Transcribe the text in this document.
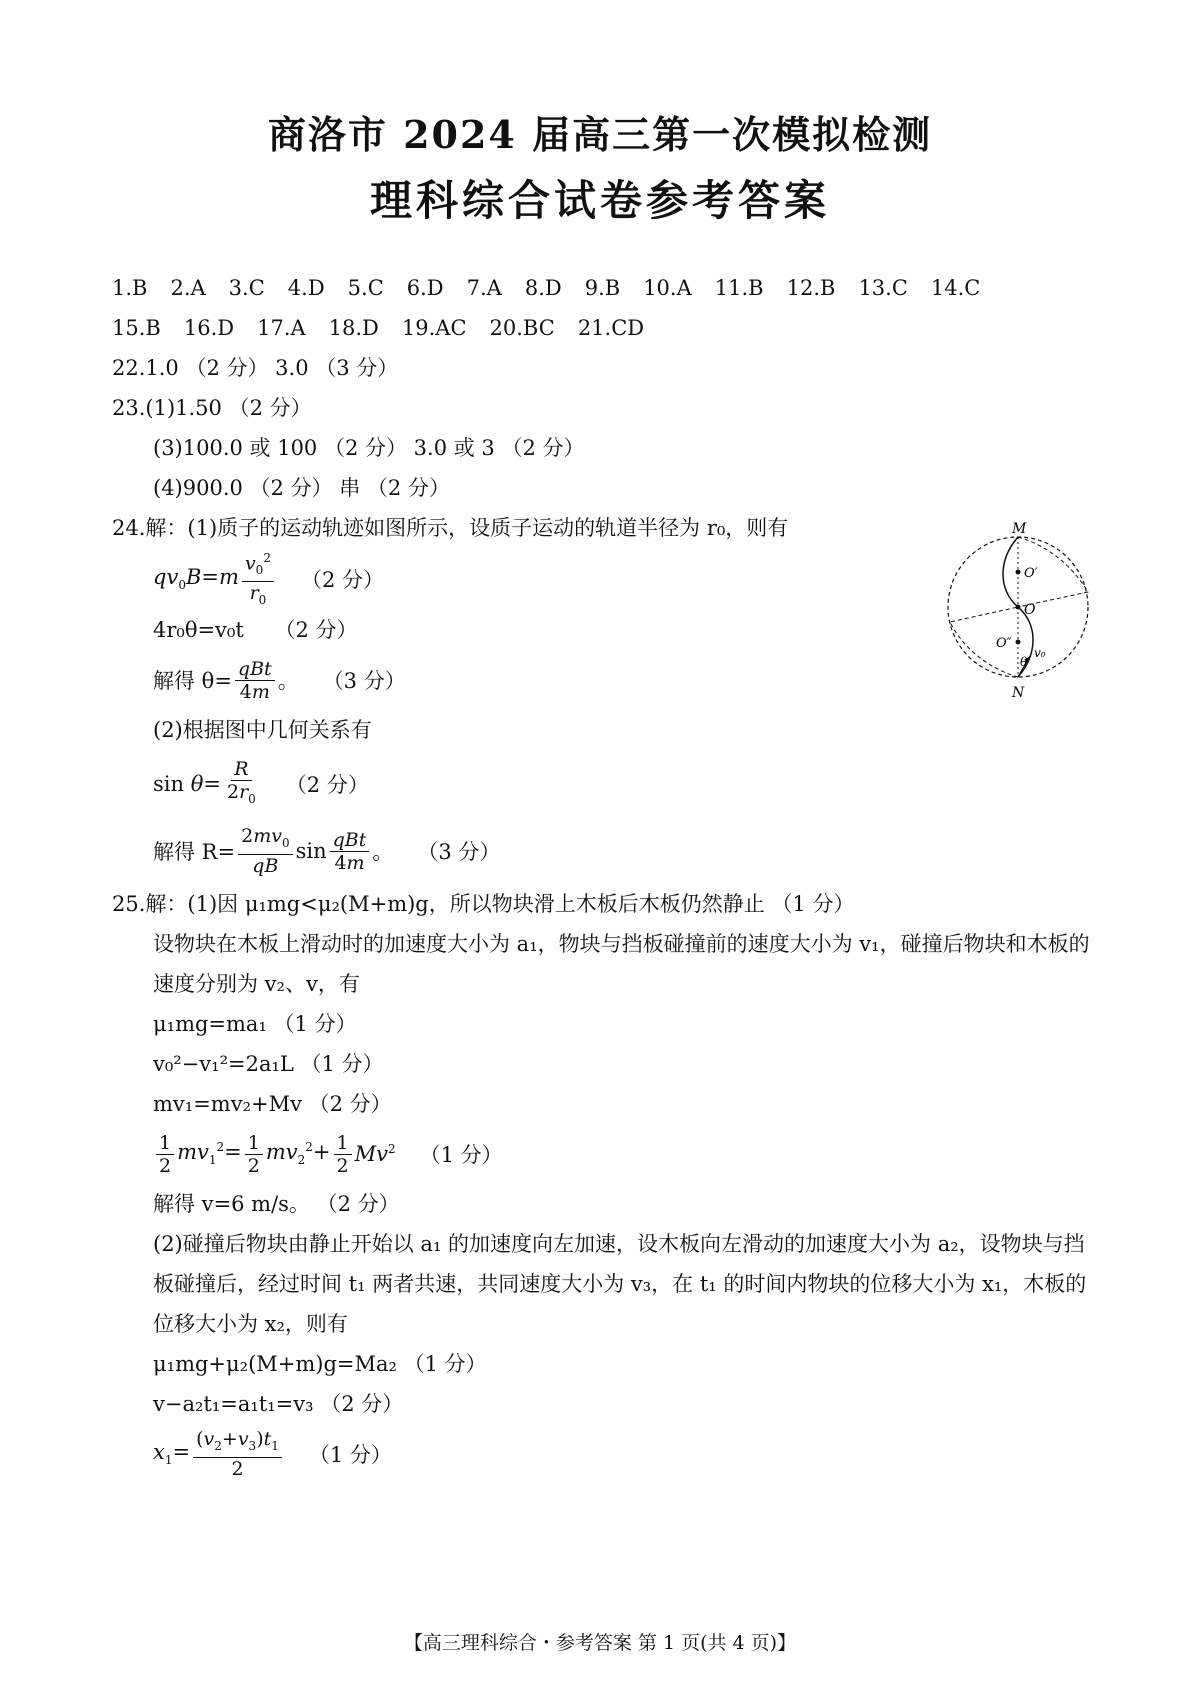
商洛市 2024 届高三第一次模拟检测
理科综合试卷参考答案
1.B 2.A 3.C 4.D 5.C 6.D 7.A 8.D 9.B 10.A 11.B 12.B 13.C 14.C
15.B 16.D 17.A 18.D 19.AC 20.BC 21.CD
22.1.0 （2 分） 3.0 （3 分）
23.(1)1.50 （2 分）
(3)100.0 或 100 （2 分） 3.0 或 3 （2 分）
(4)900.0 （2 分） 串 （2 分）
24.解：(1)质子的运动轨迹如图所示，设质子运动的轨道半径为 r₀，则有
$qv_0B=m \frac{v_0^2}{r_0} (2$ 分）
4r₀θ=v₀t （2 分）
解得 $\theta= \frac{\text{qBt}}{4m}$ 。 （3 分）
(2)根据图中几何关系有
$\sin \theta= \frac{R}{2r_0} (2$ 分）
解得 $R= \frac{2mv_0}{qB}$ $\sin \frac{\text{qBt}}{4m}$ 。 （3 分）
25.解：(1)因 μ₁mg<μ₂(M+m)g，所以物块滑上木板后木板仍然静止 （1 分）
设物块在木板上滑动时的加速度大小为 a₁，物块与挡板碰撞前的速度大小为 v₁，碰撞后物块和木板的速度分别为 v₂、v，有
μ₁mg=ma₁ （1 分）
v₀²−v₁²=2a₁L （1 分）
mv₁=mv₂+Mv （2 分）
$\frac{1}{2} mv_1^2= \frac{1}{2} mv_2^2+ \frac{1}{2} Mv^2$ （1 分）
解得 v=6 m/s。 （2 分）
(2)碰撞后物块由静止开始以 a₁ 的加速度向左加速，设木板向左滑动的加速度大小为 a₂，设物块与挡板碰撞后，经过时间 t₁ 两者共速，共同速度大小为 v₃，在 t₁ 的时间内物块的位移大小为 x₁，木板的位移大小为 x₂，则有
μ₁mg+μ₂(M+m)g=Ma₂ （1 分）
v−a₂t₁=a₁t₁=v₃ （2 分）
$x_1= \frac{(v_2+v_3)t_1}{2} (1$ 分）
M
N
O
O′
O″
θ
v₀
【高三理科综合・参考答案 第 1 页(共 4 页)】
